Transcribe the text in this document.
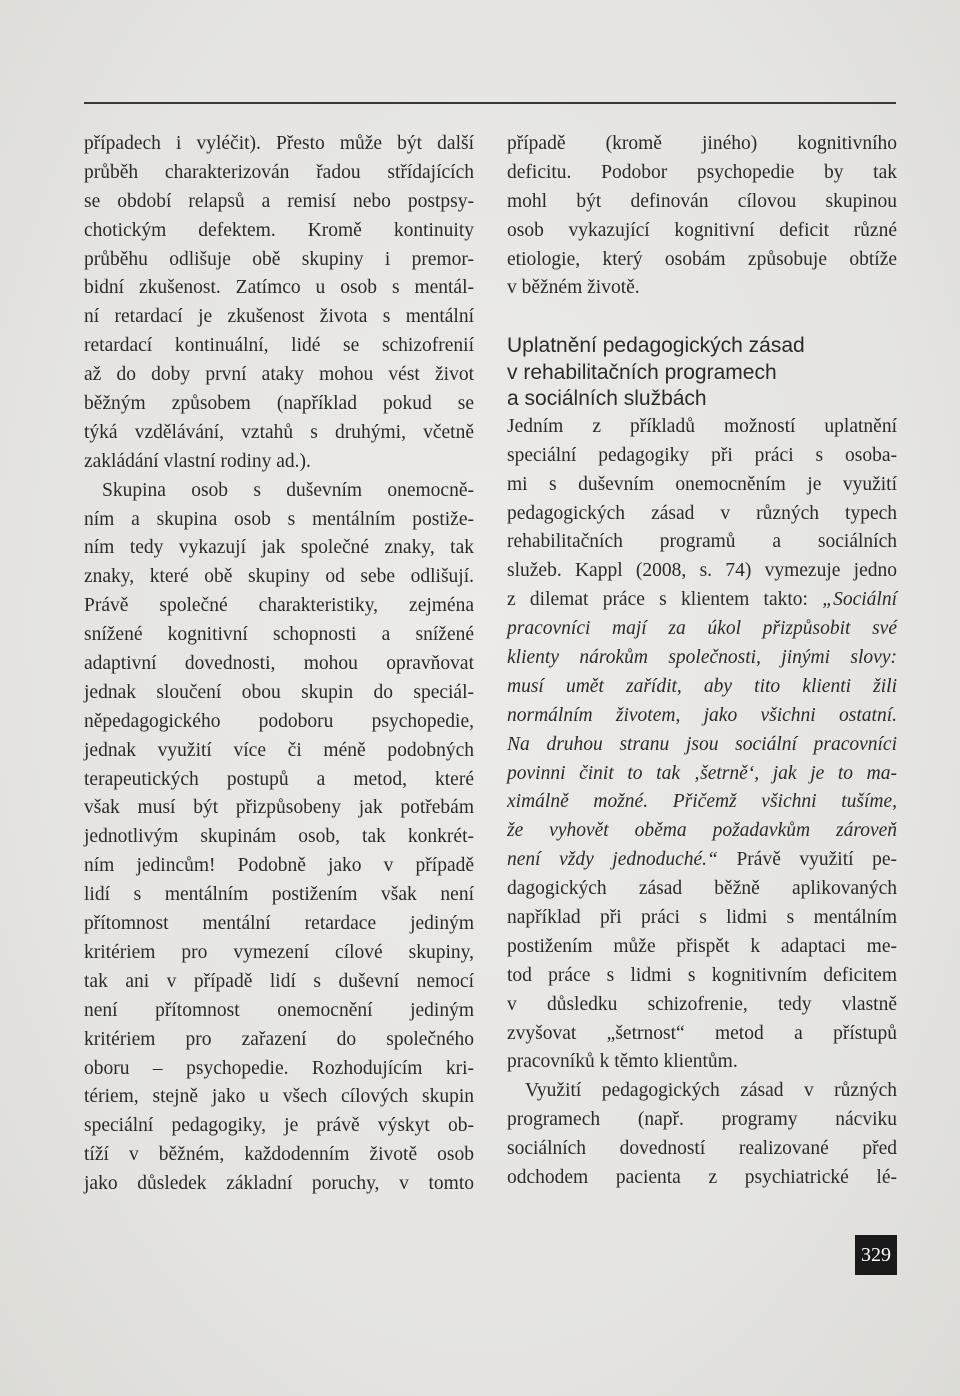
případech i vyléčit). Přesto může být další
průběh charakterizován řadou střídajících
se období relapsů a remisí nebo postpsy-
chotickým defektem. Kromě kontinuity
průběhu odlišuje obě skupiny i premor-
bidní zkušenost. Zatímco u osob s mentál-
ní retardací je zkušenost života s mentální
retardací kontinuální, lidé se schizofrenií
až do doby první ataky mohou vést život
běžným způsobem (například pokud se
týká vzdělávání, vztahů s druhými, včetně
zakládání vlastní rodiny ad.).
Skupina osob s duševním onemocně-
ním a skupina osob s mentálním postiže-
ním tedy vykazují jak společné znaky, tak
znaky, které obě skupiny od sebe odlišují.
Právě společné charakteristiky, zejména
snížené kognitivní schopnosti a snížené
adaptivní dovednosti, mohou opravňovat
jednak sloučení obou skupin do speciál-
něpedagogického podoboru psychopedie,
jednak využití více či méně podobných
terapeutických postupů a metod, které
však musí být přizpůsobeny jak potřebám
jednotlivým skupinám osob, tak konkrét-
ním jedincům! Podobně jako v případě
lidí s mentálním postižením však není
přítomnost mentální retardace jediným
kritériem pro vymezení cílové skupiny,
tak ani v případě lidí s duševní nemocí
není přítomnost onemocnění jediným
kritériem pro zařazení do společného
oboru – psychopedie. Rozhodujícím kri-
tériem, stejně jako u všech cílových skupin
speciální pedagogiky, je právě výskyt ob-
tíží v běžném, každodenním životě osob
jako důsledek základní poruchy, v tomto
případě (kromě jiného) kognitivního
deficitu. Podobor psychopedie by tak
mohl být definován cílovou skupinou
osob vykazující kognitivní deficit různé
etiologie, který osobám způsobuje obtíže
v běžném životě.
Uplatnění pedagogických zásad
v rehabilitačních programech
a sociálních službách
Jedním z příkladů možností uplatnění
speciální pedagogiky při práci s osoba-
mi s duševním onemocněním je využití
pedagogických zásad v různých typech
rehabilitačních programů a sociálních
služeb. Kappl (2008, s. 74) vymezuje jedno
z dilemat práce s klientem takto: „Sociální
pracovníci mají za úkol přizpůsobit své
klienty nárokům společnosti, jinými slovy:
musí umět zařídit, aby tito klienti žili
normálním životem, jako všichni ostatní.
Na druhou stranu jsou sociální pracovníci
povinni činit to tak ‚šetrně‘, jak je to ma-
ximálně možné. Přičemž všichni tušíme,
že vyhovět oběma požadavkům zároveň
není vždy jednoduché.“ Právě využití pe-
dagogických zásad běžně aplikovaných
například při práci s lidmi s mentálním
postižením může přispět k adaptaci me-
tod práce s lidmi s kognitivním deficitem
v důsledku schizofrenie, tedy vlastně
zvyšovat „šetrnost“ metod a přístupů
pracovníků k těmto klientům.
Využití pedagogických zásad v různých
programech (např. programy nácviku
sociálních dovedností realizované před
odchodem pacienta z psychiatrické lé-
329
